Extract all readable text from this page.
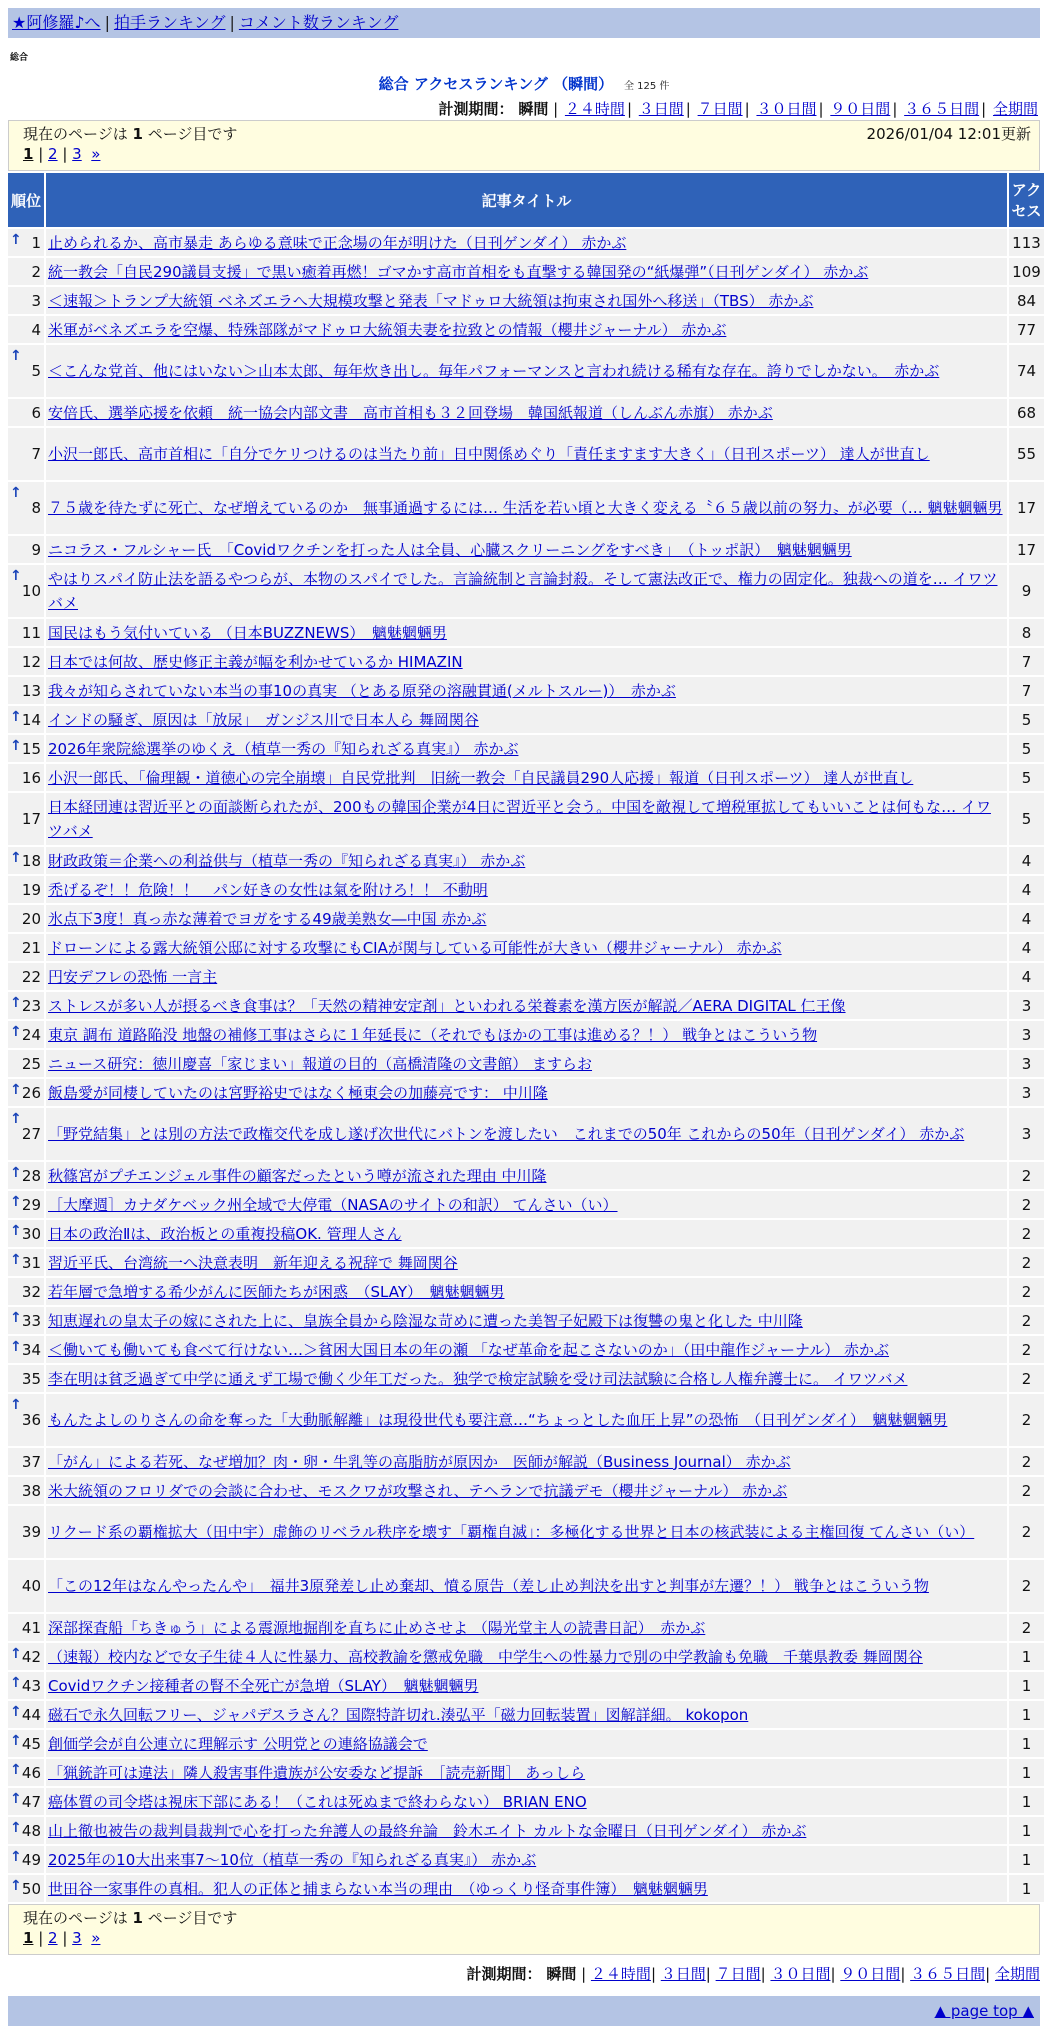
★阿修羅♪へ | 拍手ランキング | コメント数ランキング
総合
総合 アクセスランキング （瞬間） 全 125 件
計測期間： 瞬間 | ２４時間 | ３日間 | ７日間 | ３０日間 | ９０日間 | ３６５日間 | 全期間
現在のページは 1 ページ目です	2026/01/04 12:01更新
1 | 2 | 3 »
順位	記事タイトル	アクセス

↑ 1	止められるか、高市暴走 あらゆる意味で正念場の年が明けた（日刊ゲンダイ） 赤かぶ	113
2	統一教会「自民290議員支援」で黒い癒着再燃！ゴマかす高市首相をも直撃する韓国発の“紙爆弾”（日刊ゲンダイ） 赤かぶ	109
3	＜速報＞トランプ大統領 ベネズエラへ大規模攻撃と発表「マドゥロ大統領は拘束され国外へ移送」（TBS） 赤かぶ	84
4	米軍がベネズエラを空爆、特殊部隊がマドゥロ大統領夫妻を拉致との情報（櫻井ジャーナル） 赤かぶ	77

↑
5	＜こんな党首、他にはいない＞山本太郎、毎年炊き出し。毎年パフォーマンスと言われ続ける稀有な存在。誇りでしかない。　赤かぶ	74
6	安倍氏、選挙応援を依頼　統一協会内部文書　高市首相も３２回登場　韓国紙報道（しんぶん赤旗） 赤かぶ	68
7	小沢一郎氏、高市首相に「自分でケリつけるのは当たり前」日中関係めぐり「責任ますます大きく」（日刊スポーツ） 達人が世直し	55

↑
8	７５歳を待たずに死亡、なぜ増えているのか　無事通過するには… 生活を若い頃と大きく変える〝６５歳以前の努力〟が必要（… 魑魅魍魎男	17
9	ニコラス・フルシャー氏　「Covidワクチンを打った人は全員、心臓スクリーニングをすべき」　（トッポ訳）　魑魅魍魎男	17

↑
10	やはりスパイ防止法を語るやつらが、本物のスパイでした。言論統制と言論封殺。そして憲法改正で、権力の固定化。独裁への道を… イワツバメ	9
11	国民はもう気付いている （日本BUZZNEWS）　魑魅魍魎男	8
12	日本では何故、歴史修正主義が幅を利かせているか HIMAZIN	7
13	我々が知らされていない本当の事10の真実 （とある原発の溶融貫通(メルトスルー)）　赤かぶ	7

↑ 14	インドの騒ぎ、原因は「放尿」　ガンジス川で日本人ら 舞岡関谷	5

↑ 15	2026年衆院総選挙のゆくえ（植草一秀の『知られざる真実』） 赤かぶ	5
16	小沢一郎氏、「倫理観・道徳心の完全崩壊」自民党批判　旧統一教会「自民議員290人応援」報道（日刊スポーツ） 達人が世直し	5
17	日本経団連は習近平との面談断られたが、200もの韓国企業が4日に習近平と会う。中国を敵視して増税軍拡してもいいことは何もな… イワツバメ	5

↑ 18	財政政策＝企業への利益供与（植草一秀の『知られざる真実』） 赤かぶ	4
19	禿げるぞ！！危険！！　パン好きの女性は氣を附けろ！！ 不動明	4
20	氷点下3度！真っ赤な薄着でヨガをする49歳美熟女―中国 赤かぶ	4
21	ドローンによる露大統領公邸に対する攻撃にもCIAが関与している可能性が大きい（櫻井ジャーナル） 赤かぶ	4
22	円安デフレの恐怖 一言主	4

↑ 23	ストレスが多い人が摂るべき食事は？「天然の精神安定剤」といわれる栄養素を漢方医が解説／AERA DIGITAL 仁王像	3

↑ 24	東京 調布 道路陥没 地盤の補修工事はさらに１年延長に（それでもほかの工事は進める？！） 戦争とはこういう物	3
25	ニュース研究：徳川慶喜「家じまい」報道の目的（高橋清隆の文書館） ますらお	3

↑ 26	飯島愛が同棲していたのは宮野裕史ではなく極東会の加藤亮です： 中川隆	3

↑
27	「野党結集」とは別の方法で政権交代を成し遂げ次世代にバトンを渡したい　これまでの50年 これからの50年（日刊ゲンダイ） 赤かぶ	3

↑ 28	秋篠宮がプチエンジェル事件の顧客だったという噂が流された理由 中川隆	2

↑ 29	［大摩週］カナダケベック州全域で大停電（NASAのサイトの和訳） てんさい（い）	2

↑ 30	日本の政治Ⅱは、政治板との重複投稿OK. 管理人さん	2

↑ 31	習近平氏、台湾統一へ決意表明　新年迎える祝辞で 舞岡関谷	2
32	若年層で急増する希少がんに医師たちが困惑　（SLAY）　魑魅魍魎男	2

↑ 33	知恵遅れの皇太子の嫁にされた上に、皇族全員から陰湿な苛めに遭った美智子妃殿下は復讐の鬼と化した 中川隆	2

↑ 34	＜働いても働いても食べて行けない…＞貧困大国日本の年の瀬 「なぜ革命を起こさないのか」（田中龍作ジャーナル） 赤かぶ	2
35	李在明は貧乏過ぎて中学に通えず工場で働く少年工だった。独学で検定試験を受け司法試験に合格し人権弁護士に。 イワツバメ	2

↑
36	もんたよしのりさんの命を奪った「大動脈解離」は現役世代も要注意…“ちょっとした血圧上昇”の恐怖　（日刊ゲンダイ）　魑魅魍魎男	2
37	「がん」による若死、なぜ増加？肉・卵・牛乳等の高脂肪が原因か　医師が解説（Business Journal） 赤かぶ	2
38	米大統領のフロリダでの会談に合わせ、モスクワが攻撃され、テヘランで抗議デモ（櫻井ジャーナル） 赤かぶ	2
39	リクード系の覇権拡大（田中宇）虚飾のリベラル秩序を壊す「覇権自滅」：多極化する世界と日本の核武装による主権回復 てんさい（い）	2
40	「この12年はなんやったんや」　福井3原発差し止め棄却、憤る原告（差し止め判決を出すと判事が左遷？！） 戦争とはこういう物	2
41	深部探査船「ちきゅう」による震源地掘削を直ちに止めさせよ （陽光堂主人の読書日記）　赤かぶ	2

↑ 42	（速報）校内などで女子生徒４人に性暴力、高校教諭を懲戒免職　中学生への性暴力で別の中学教諭も免職　千葉県教委 舞岡関谷	1

↑ 43	Covidワクチン接種者の腎不全死亡が急増（SLAY）　魑魅魍魎男	1

↑ 44	磁石で永久回転フリー、ジャパデスラさん？国際特許切れ.湊弘平「磁力回転装置」図解詳細。 kokopon	1

↑ 45	創価学会が自公連立に理解示す 公明党との連絡協議会で	1

↑ 46	「猟銃許可は違法」隣人殺害事件遺族が公安委など提訴　［読売新聞］ あっしら	1

↑ 47	癌体質の司令塔は視床下部にある！（これは死ぬまで終わらない） BRIAN ENO	1

↑ 48	山上徹也被告の裁判員裁判で心を打った弁護人の最終弁論　鈴木エイト カルトな金曜日（日刊ゲンダイ） 赤かぶ	1

↑ 49	2025年の10大出来事7～10位（植草一秀の『知られざる真実』） 赤かぶ	1

↑ 50	世田谷一家事件の真相。犯人の正体と捕まらない本当の理由　（ゆっくり怪奇事件簿）　魑魅魍魎男	1
現在のページは 1 ページ目です
1 | 2 | 3 »
計測期間： 瞬間 | ２４時間| ３日間| ７日間| ３０日間| ９０日間| ３６５日間| 全期間
▲ page top ▲
